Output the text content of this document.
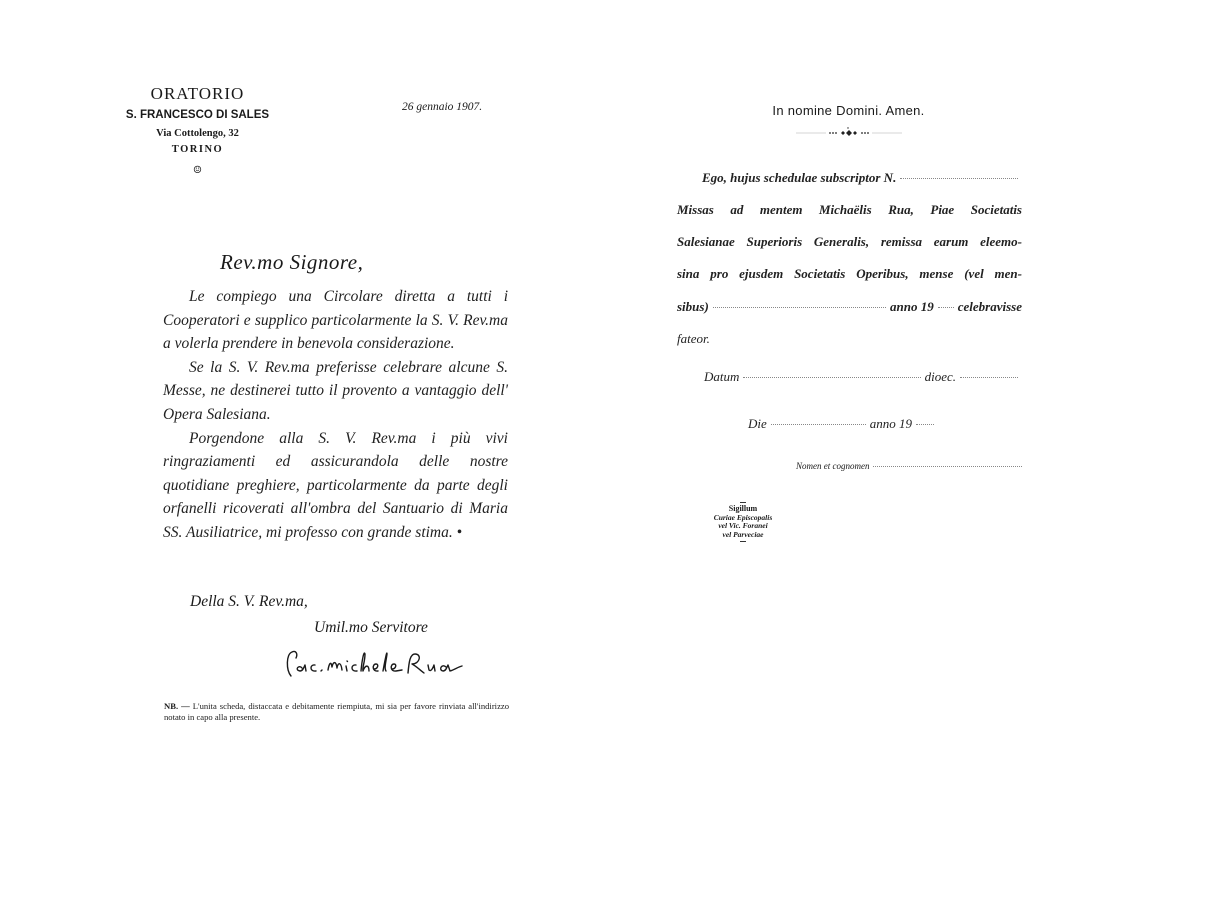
ORATORIO
S. FRANCESCO DI SALES
Via Cottolengo, 32
TORINO
☺
26 gennaio 1907.
Rev.mo Signore,

Le compiego una Circolare diretta a tutti i Cooperatori e supplico particolarmente la S. V. Rev.ma a volerla prendere in benevola considerazione.

Se la S. V. Rev.ma preferisse celebrare alcune S. Messe, ne destinerei tutto il provento a vantaggio dell' Opera Salesiana.

Porgendone alla S. V. Rev.ma i più vivi ringraziamenti ed assicurandola delle nostre quotidiane preghiere, particolarmente da parte degli orfanelli ricoverati all'ombra del Santuario di Maria SS. Ausiliatrice, mi professo con grande stima. •

Della S. V. Rev.ma,
Umil.mo Servitore
NB. — L'unita scheda, distaccata e debitamente riempiuta, mi sia per favore rinviata all'indirizzo notato in capo alla presente.
In nomine Domini. Amen.
Ego, hujus schedulae subscriptor N.
Missas ad mentem Michaëlis Rua, Piae Societatis
Salesianae Superioris Generalis, remissa earum eleemo-
sina pro ejusdem Societatis Operibus, mense (vel men-
sibus)	anno 19 celebravisse
fateor.
Datum	dioec.
Die	anno 19
Nomen et cognomen
Sigillum
Curiae Episcopalis
vel Vic. Foranei
vel Parveciae
